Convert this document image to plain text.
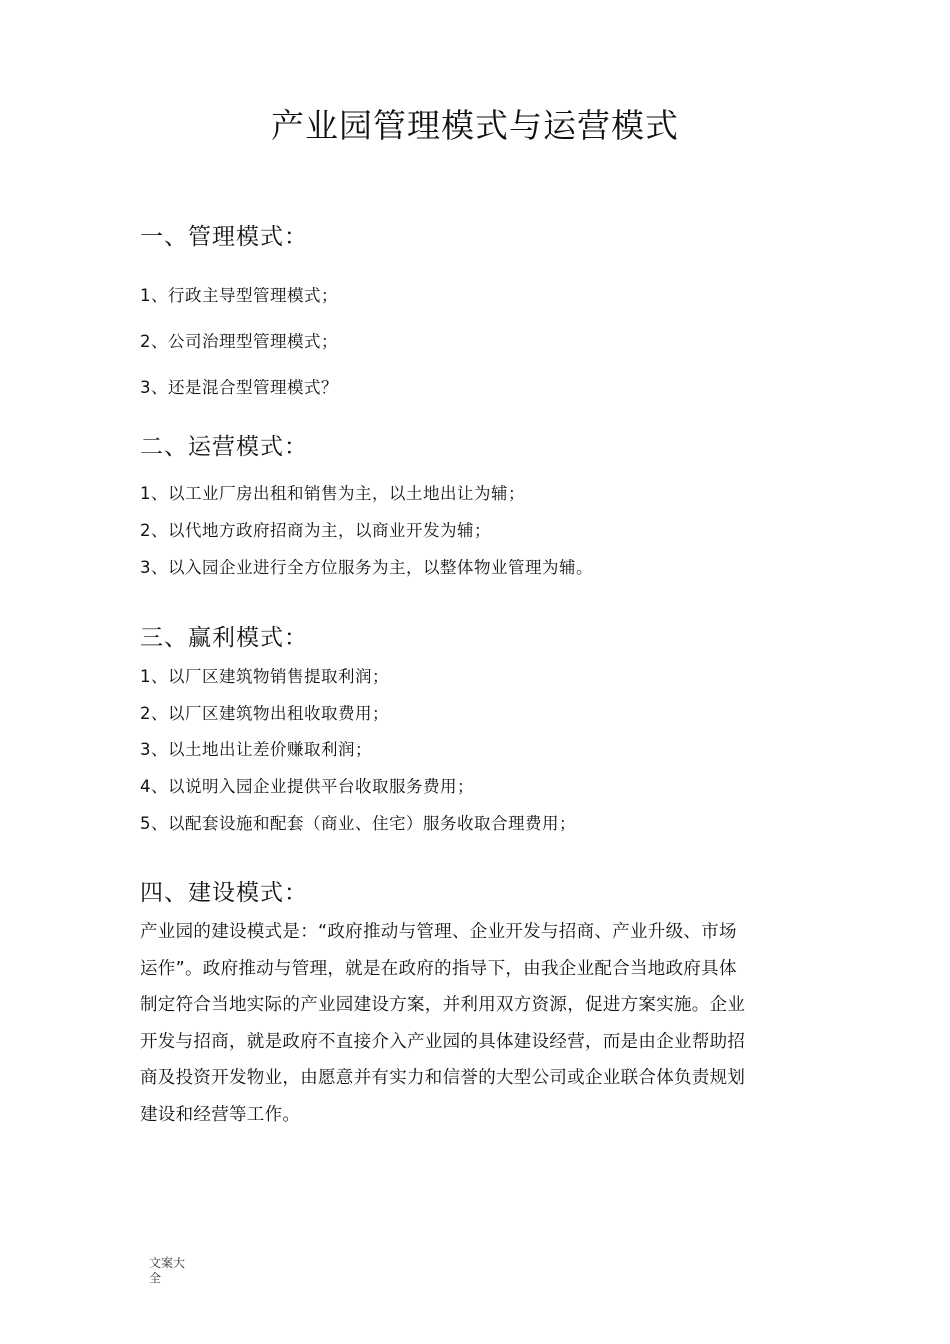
产业园管理模式与运营模式
一、管理模式：
1、行政主导型管理模式；
2、公司治理型管理模式；
3、还是混合型管理模式？
二、运营模式：
1、以工业厂房出租和销售为主，以土地出让为辅；
2、以代地方政府招商为主，以商业开发为辅；
3、以入园企业进行全方位服务为主，以整体物业管理为辅。
三、赢利模式：
1、以厂区建筑物销售提取利润；
2、以厂区建筑物出租收取费用；
3、以土地出让差价赚取利润；
4、以说明入园企业提供平台收取服务费用；
5、以配套设施和配套（商业、住宅）服务收取合理费用；
四、建设模式：

产业园的建设模式是：“政府推动与管理、企业开发与招商、产业升级、市场

运作”。政府推动与管理，就是在政府的指导下，由我企业配合当地政府具体

制定符合当地实际的产业园建设方案，并利用双方资源，促进方案实施。企业

开发与招商，就是政府不直接介入产业园的具体建设经营，而是由企业帮助招

商及投资开发物业，由愿意并有实力和信誉的大型公司或企业联合体负责规划

建设和经营等工作。

文案大全
